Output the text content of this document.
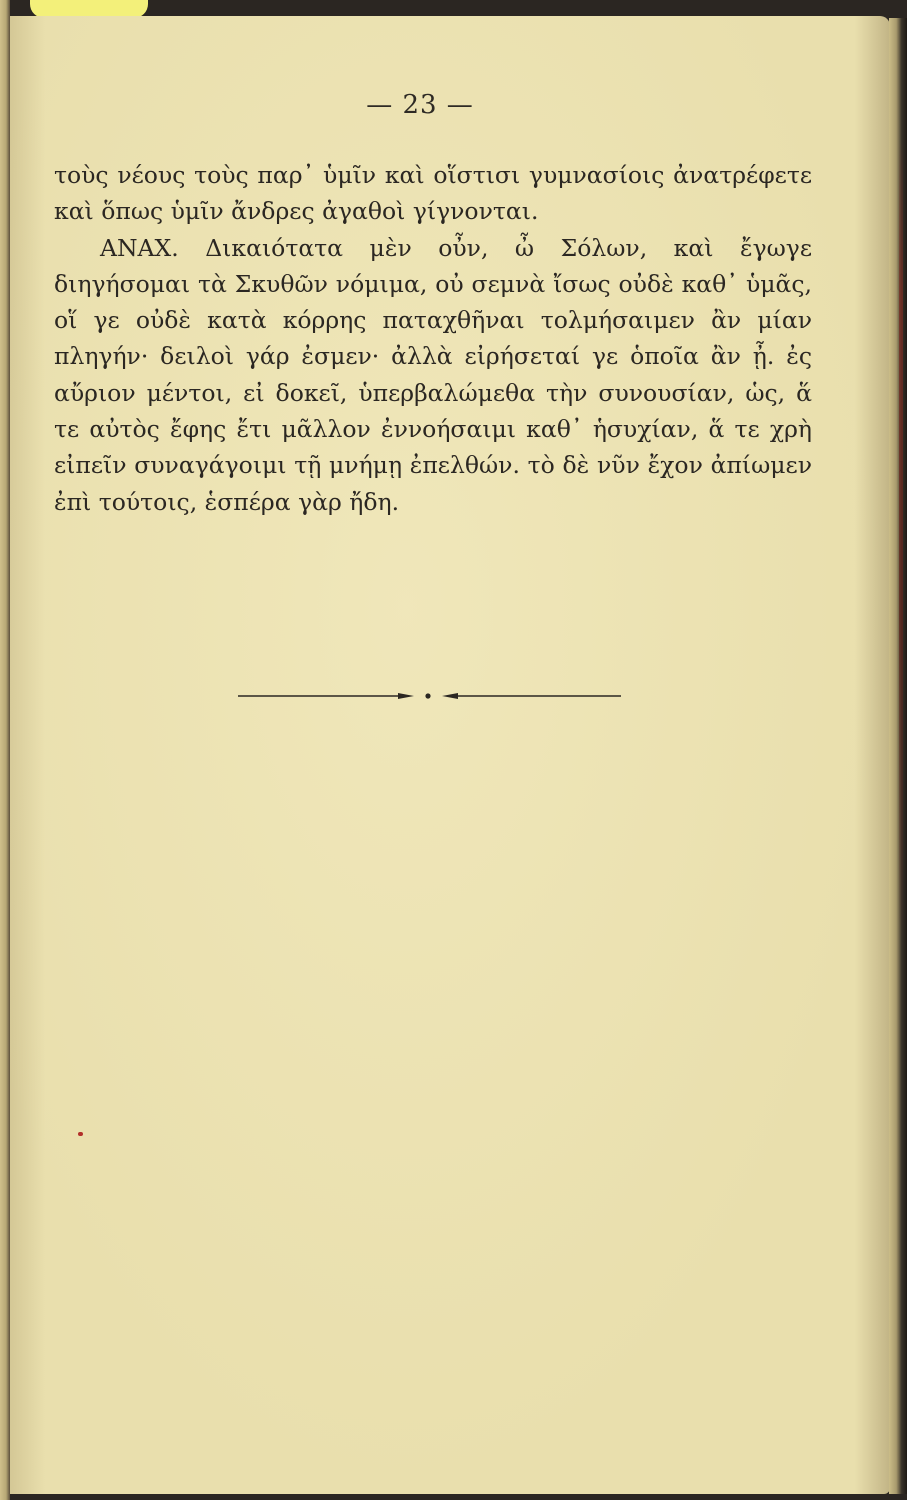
— 23 —

τοὺς νέους τοὺς παρ᾽ ὑμῖν καὶ οἵστισι γυμνασίοις ἀνατρέφετε καὶ ὅπως ὑμῖν ἄνδρες ἀγαθοὶ γίγνονται.

ΑΝΑΧ. Δικαιότατα μὲν οὖν, ὦ Σόλων, καὶ ἔγωγε διηγήσομαι τὰ Σκυθῶν νόμιμα, οὐ σεμνὰ ἴσως οὐδὲ καθ᾽ ὑμᾶς, οἵ γε οὐδὲ κατὰ κόρρης παταχθῆναι τολμήσαιμεν ἂν μίαν πληγήν· δειλοὶ γάρ ἐσμεν· ἀλλὰ εἰρήσεταί γε ὁποῖα ἂν ᾖ. ἐς αὔριον μέντοι, εἰ δοκεῖ, ὑπερβαλώμεθα τὴν συνουσίαν, ὡς, ἅ τε αὐτὸς ἔφης ἔτι μᾶλλον ἐννοήσαιμι καθ᾽ ἡσυχίαν, ἅ τε χρὴ εἰπεῖν συναγάγοιμι τῇ μνήμῃ ἐπελθών. τὸ δὲ νῦν ἔχον ἀπίωμεν ἐπὶ τούτοις, ἑσπέρα γὰρ ἤδη.
